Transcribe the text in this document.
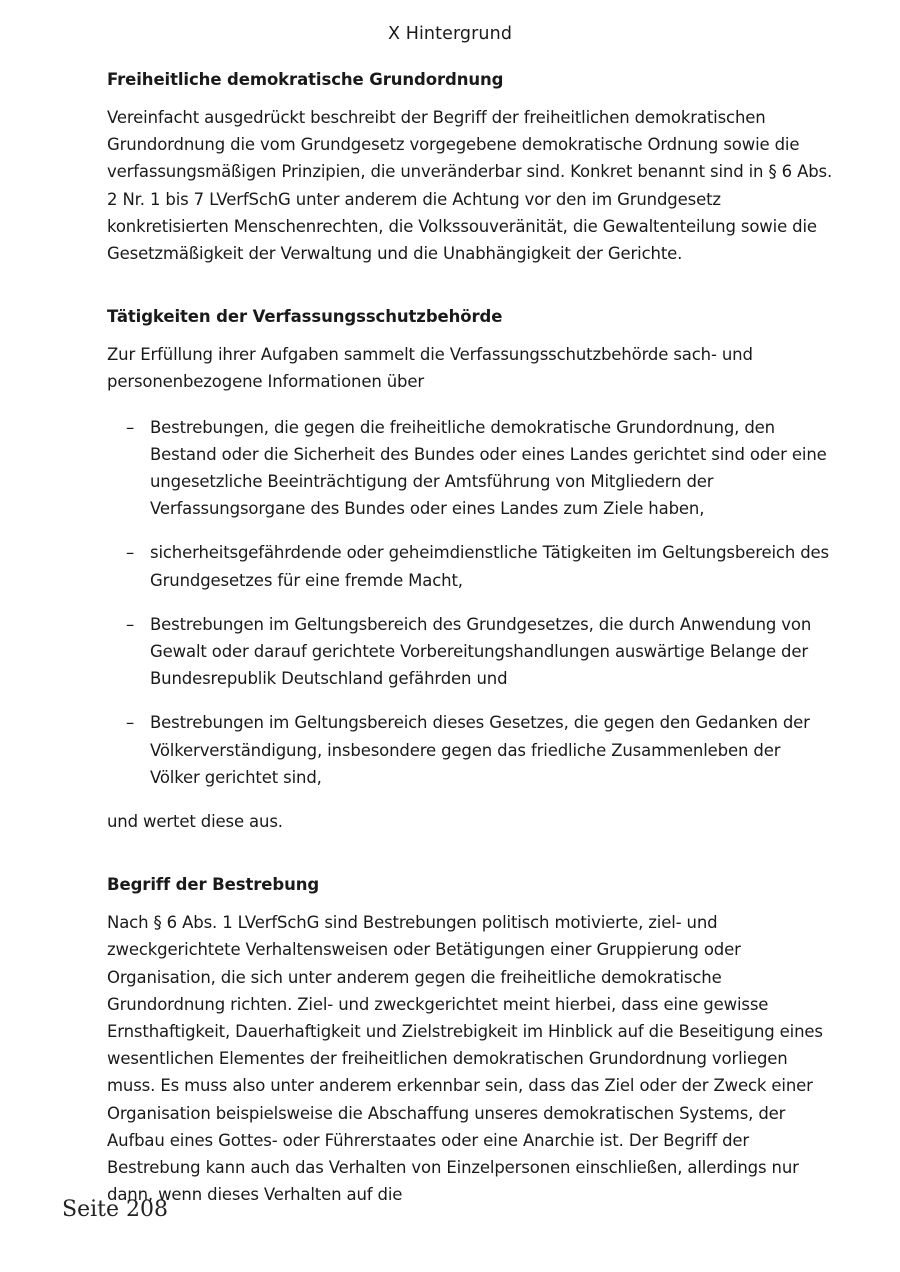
X Hintergrund
Freiheitliche demokratische Grundordnung

Vereinfacht ausgedrückt beschreibt der Begriff der freiheitlichen demokratischen Grundordnung die vom Grundgesetz vorgegebene demokratische Ordnung sowie die verfassungsmäßigen Prinzipien, die unveränderbar sind. Konkret benannt sind in § 6 Abs. 2 Nr. 1 bis 7 LVerfSchG unter anderem die Achtung vor den im Grundgesetz konkretisierten Menschenrechten, die Volkssouveränität, die Gewaltenteilung sowie die Gesetzmäßigkeit der Verwaltung und die Unabhängigkeit der Gerichte.

Tätigkeiten der Verfassungsschutzbehörde

Zur Erfüllung ihrer Aufgaben sammelt die Verfassungsschutzbehörde sach- und personenbezogene Informationen über

– Bestrebungen, die gegen die freiheitliche demokratische Grundordnung, den Bestand oder die Sicherheit des Bundes oder eines Landes gerichtet sind oder eine ungesetzliche Beeinträchtigung der Amtsführung von Mitgliedern der Verfassungsorgane des Bundes oder eines Landes zum Ziele haben,
– sicherheitsgefährdende oder geheimdienstliche Tätigkeiten im Geltungsbereich des Grundgesetzes für eine fremde Macht,
– Bestrebungen im Geltungsbereich des Grundgesetzes, die durch Anwendung von Gewalt oder darauf gerichtete Vorbereitungshandlungen auswärtige Belange der Bundesrepublik Deutschland gefährden und
– Bestrebungen im Geltungsbereich dieses Gesetzes, die gegen den Gedanken der Völkerverständigung, insbesondere gegen das friedliche Zusammenleben der Völker gerichtet sind,

und wertet diese aus.

Begriff der Bestrebung

Nach § 6 Abs. 1 LVerfSchG sind Bestrebungen politisch motivierte, ziel- und zweckgerichtete Verhaltensweisen oder Betätigungen einer Gruppierung oder Organisation, die sich unter anderem gegen die freiheitliche demokratische Grundordnung richten. Ziel- und zweckgerichtet meint hierbei, dass eine gewisse Ernsthaftigkeit, Dauerhaftigkeit und Zielstrebigkeit im Hinblick auf die Beseitigung eines wesentlichen Elementes der freiheitlichen demokratischen Grundordnung vorliegen muss. Es muss also unter anderem erkennbar sein, dass das Ziel oder der Zweck einer Organisation beispielsweise die Abschaffung unseres demokratischen Systems, der Aufbau eines Gottes- oder Führerstaates oder eine Anarchie ist. Der Begriff der Bestrebung kann auch das Verhalten von Einzelpersonen einschließen, allerdings nur dann, wenn dieses Verhalten auf die

Seite 208
